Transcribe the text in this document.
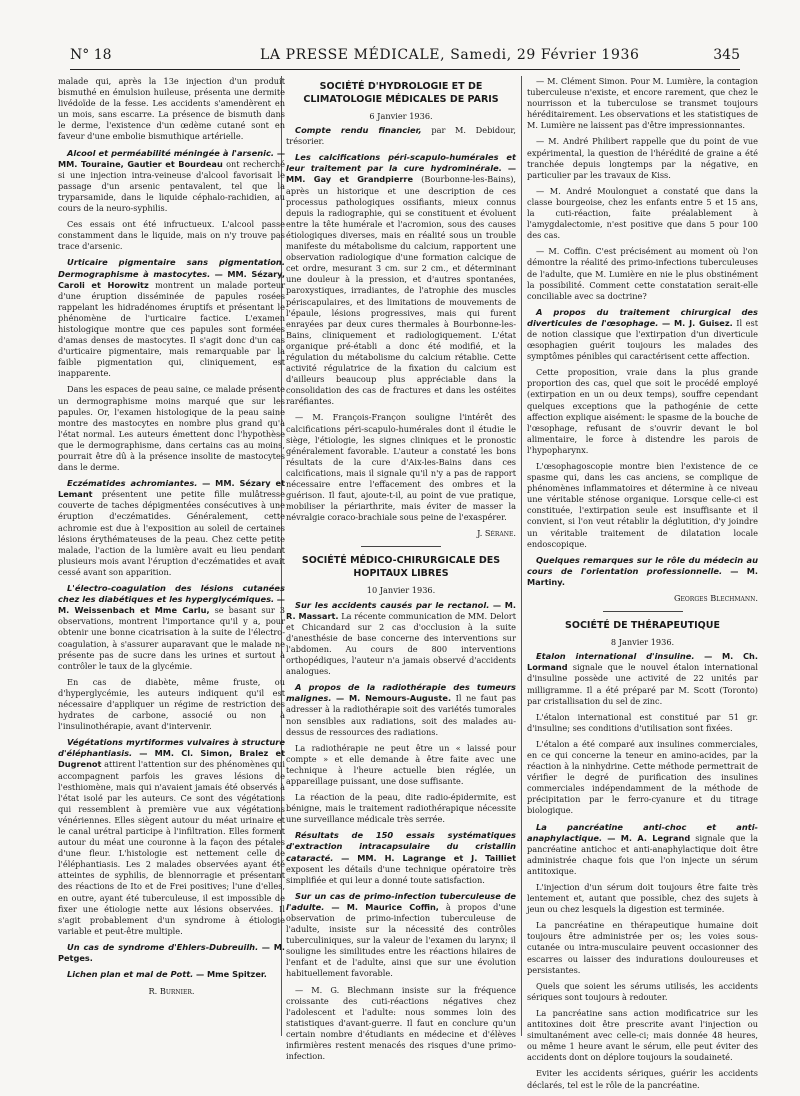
N° 18	LA PRESSE MÉDICALE, Samedi, 29 Février 1936	345

malade qui, après la 13e injection d'un produit bismuthé en émulsion huileuse, présenta une dermite livédoïde de la fesse. Les accidents s'amendèrent en un mois, sans escarre. La présence de bismuth dans le derme, l'existence d'un œdème cutané sont en faveur d'une embolie bismuthique artérielle.

Alcool et perméabilité méningée à l'arsenic. — MM. Touraine, Gautier et Bourdeau ont recherché si une injection intra-veineuse d'alcool favorisait le passage d'un arsenic pentavalent, tel que la tryparsamide, dans le liquide céphalo-rachidien, au cours de la neuro-syphilis.

Ces essais ont été infructueux. L'alcool passe constamment dans le liquide, mais on n'y trouve pas trace d'arsenic.

Urticaire pigmentaire sans pigmentation. Dermographisme à mastocytes. — MM. Sézary, Caroli et Horowitz montrent un malade porteur d'une éruption disséminée de papules rosées rappelant les hidradénomes éruptifs et présentant le phénomène de l'urticaire factice. L'examen histologique montre que ces papules sont formées d'amas denses de mastocytes. Il s'agit donc d'un cas d'urticaire pigmentaire, mais remarquable par la faible pigmentation qui, cliniquement, est inapparente.

Dans les espaces de peau saine, ce malade présente un dermographisme moins marqué que sur les papules. Or, l'examen histologique de la peau saine montre des mastocytes en nombre plus grand qu'à l'état normal. Les auteurs émettent donc l'hypothèse que le dermographisme, dans certains cas au moins, pourrait être dû à la présence insolite de mastocytes dans le derme.

Eczématides achromiantes. — MM. Sézary et Lemant présentent une petite fille mulâtresse couverte de taches dépigmentées consécutives à une éruption d'eczématides. Généralement, cette achromie est due à l'exposition au soleil de certaines lésions érythémateuses de la peau. Chez cette petite malade, l'action de la lumière avait eu lieu pendant plusieurs mois avant l'éruption d'eczématides et avait cessé avant son apparition.

L'électro-coagulation des lésions cutanées chez les diabétiques et les hyperglycémiques. — M. Weissenbach et Mme Carlu, se basant sur 3 observations, montrent l'importance qu'il y a, pour obtenir une bonne cicatrisation à la suite de l'électro-coagulation, à s'assurer auparavant que le malade ne présente pas de sucre dans les urines et surtout à contrôler le taux de la glycémie.

En cas de diabète, même fruste, ou d'hyperglycémie, les auteurs indiquent qu'il est nécessaire d'appliquer un régime de restriction des hydrates de carbone, associé ou non à l'insulinothérapie, avant d'intervenir.

Végétations myrtiformes vulvaires à structure d'éléphantiasis. — MM. Cl. Simon, Bralez et Dugrenot attirent l'attention sur des phénomènes qui accompagnent parfois les graves lésions de l'esthiomène, mais qui n'avaient jamais été observés à l'état isolé par les auteurs. Ce sont des végétations qui ressemblent à première vue aux végétations vénériennes. Elles siègent autour du méat urinaire et le canal urétral participe à l'infiltration. Elles forment autour du méat une couronne à la façon des pétales d'une fleur. L'histologie est nettement celle de l'éléphantiasis. Les 2 malades observées ayant été atteintes de syphilis, de blennorragie et présentant des réactions de Ito et de Frei positives; l'une d'elles, en outre, ayant été tuberculeuse, il est impossible de fixer une étiologie nette aux lésions observées. Il s'agit probablement d'un syndrome à étiologie variable et peut-être multiple.

Un cas de syndrome d'Ehlers-Dubreuilh. — M. Petges.

Lichen plan et mal de Pott. — Mme Spitzer.

R. Burnier.

SOCIÉTÉ D'HYDROLOGIE ET DE CLIMATOLOGIE MÉDICALES DE PARIS

6 Janvier 1936.

Compte rendu financier, par M. Debidour, trésorier.

Les calcifications péri-scapulo-humérales et leur traitement par la cure hydrominérale. — MM. Gay et Grandpierre (Bourbonne-les-Bains), après un historique et une description de ces processus pathologiques ossifiants, mieux connus depuis la radiographie, qui se constituent et évoluent entre la tête humérale et l'acromion, sous des causes étiologiques diverses, mais en réalité sous un trouble manifeste du métabolisme du calcium, rapportent une observation radiologique d'une formation calcique de cet ordre, mesurant 3 cm. sur 2 cm., et déterminant une douleur à la pression, et d'autres spontanées, paroxystiques, irradiantes, de l'atrophie des muscles périscapulaires, et des limitations de mouvements de l'épaule, lésions progressives, mais qui furent enrayées par deux cures thermales à Bourbonne-les-Bains, cliniquement et radiologiquement. L'état organique pré-établi a donc été modifié, et la régulation du métabolisme du calcium rétablie. Cette activité régulatrice de la fixation du calcium est d'ailleurs beaucoup plus appréciable dans la consolidation des cas de fractures et dans les ostéites raréfiantes.

— M. François-Françon souligne l'intérêt des calcifications péri-scapulo-humérales dont il étudie le siège, l'étiologie, les signes cliniques et le pronostic généralement favorable. L'auteur a constaté les bons résultats de la cure d'Aix-les-Bains dans ces calcifications, mais il signale qu'il n'y a pas de rapport nécessaire entre l'effacement des ombres et la guérison. Il faut, ajoute-t-il, au point de vue pratique, mobiliser la périarthrite, mais éviter de masser la névralgie coraco-brachiale sous peine de l'exaspérer.

J. Sérane.

SOCIÉTÉ MÉDICO-CHIRURGICALE DES HOPITAUX LIBRES

10 Janvier 1936.

Sur les accidents causés par le rectanol. — M. R. Massart. La récente communication de MM. Delort et Chicandard sur 2 cas d'occlusion à la suite d'anesthésie de base concerne des interventions sur l'abdomen. Au cours de 800 interventions orthopédiques, l'auteur n'a jamais observé d'accidents analogues.

A propos de la radiothérapie des tumeurs malignes. — M. Nemours-Auguste. Il ne faut pas adresser à la radiothérapie soit des variétés tumorales non sensibles aux radiations, soit des malades au-dessus de ressources des radiations.

La radiothérapie ne peut être un « laissé pour compte » et elle demande à être faite avec une technique à l'heure actuelle bien réglée, un appareillage puissant, une dose suffisante.

La réaction de la peau, dite radio-épidermite, est bénigne, mais le traitement radiothérapique nécessite une surveillance médicale très serrée.

Résultats de 150 essais systématiques d'extraction intracapsulaire du cristallin cataracté. — MM. H. Lagrange et J. Tailliet exposent les détails d'une technique opératoire très simplifiée et qui leur a donné toute satisfaction.

Sur un cas de primo-infection tuberculeuse de l'adulte. — M. Maurice Coffin, à propos d'une observation de primo-infection tuberculeuse de l'adulte, insiste sur la nécessité des contrôles tuberculiniques, sur la valeur de l'examen du larynx; il souligne les similitudes entre les réactions hilaires de l'enfant et de l'adulte, ainsi que sur une évolution habituellement favorable.

— M. G. Blechmann insiste sur la fréquence croissante des cuti-réactions négatives chez l'adolescent et l'adulte: nous sommes loin des statistiques d'avant-guerre. Il faut en conclure qu'un certain nombre d'étudiants en médecine et d'élèves infirmières restent menacés des risques d'une primo-infection.

— M. Clément Simon. Pour M. Lumière, la contagion tuberculeuse n'existe, et encore rarement, que chez le nourrisson et la tuberculose se transmet toujours héréditairement. Les observations et les statistiques de M. Lumière ne laissent pas d'être impressionnantes.

— M. André Philibert rappelle que du point de vue expérimental, la question de l'hérédité de graine a été tranchée depuis longtemps par la négative, en particulier par les travaux de Kiss.

— M. André Moulonguet a constaté que dans la classe bourgeoise, chez les enfants entre 5 et 15 ans, la cuti-réaction, faite préalablement à l'amygdalectomie, n'est positive que dans 5 pour 100 des cas.

— M. Coffin. C'est précisément au moment où l'on démontre la réalité des primo-infections tuberculeuses de l'adulte, que M. Lumière en nie le plus obstinément la possibilité. Comment cette constatation serait-elle conciliable avec sa doctrine?

A propos du traitement chirurgical des diverticules de l'œsophage. — M. J. Guisez. Il est de notion classique que l'extirpation d'un diverticule œsophagien guérit toujours les malades des symptômes pénibles qui caractérisent cette affection.

Cette proposition, vraie dans la plus grande proportion des cas, quel que soit le procédé employé (extirpation en un ou deux temps), souffre cependant quelques exceptions que la pathogénie de cette affection explique aisément: le spasme de la bouche de l'œsophage, refusant de s'ouvrir devant le bol alimentaire, le force à distendre les parois de l'hypopharynx.

L'œsophagoscopie montre bien l'existence de ce spasme qui, dans les cas anciens, se complique de phénomènes inflammatoires et détermine à ce niveau une véritable sténose organique. Lorsque celle-ci est constituée, l'extirpation seule est insuffisante et il convient, si l'on veut rétablir la déglutition, d'y joindre un véritable traitement de dilatation locale endoscopique.

Quelques remarques sur le rôle du médecin au cours de l'orientation professionnelle. — M. Martiny.

Georges Blechmann.

SOCIÉTÉ DE THÉRAPEUTIQUE

8 Janvier 1936.

Etalon international d'insuline. — M. Ch. Lormand signale que le nouvel étalon international d'insuline possède une activité de 22 unités par milligramme. Il a été préparé par M. Scott (Toronto) par cristallisation du sel de zinc.

L'étalon international est constitué par 51 gr. d'insuline; ses conditions d'utilisation sont fixées.

L'étalon a été comparé aux insulines commerciales, en ce qui concerne la teneur en amino-acides, par la réaction à la ninhydrine. Cette méthode permettrait de vérifier le degré de purification des insulines commerciales indépendamment de la méthode de précipitation par le ferro-cyanure et du titrage biologique.

La pancréatine anti-choc et anti-anaphylactique. — M. A. Legrand signale que la pancréatine antichoc et anti-anaphylactique doit être administrée chaque fois que l'on injecte un sérum antitoxique.

L'injection d'un sérum doit toujours être faite très lentement et, autant que possible, chez des sujets à jeun ou chez lesquels la digestion est terminée.

La pancréatine en thérapeutique humaine doit toujours être administrée per os; les voies sous-cutanée ou intra-musculaire peuvent occasionner des escarres ou laisser des indurations douloureuses et persistantes.

Quels que soient les sérums utilisés, les accidents sériques sont toujours à redouter.

La pancréatine sans action modificatrice sur les antitoxines doit être prescrite avant l'injection ou simultanément avec celle-ci; mais donnée 48 heures, ou même 1 heure avant le sérum, elle peut éviter des accidents dont on déplore toujours la soudaineté.

Eviter les accidents sériques, guérir les accidents déclarés, tel est le rôle de la pancréatine.
